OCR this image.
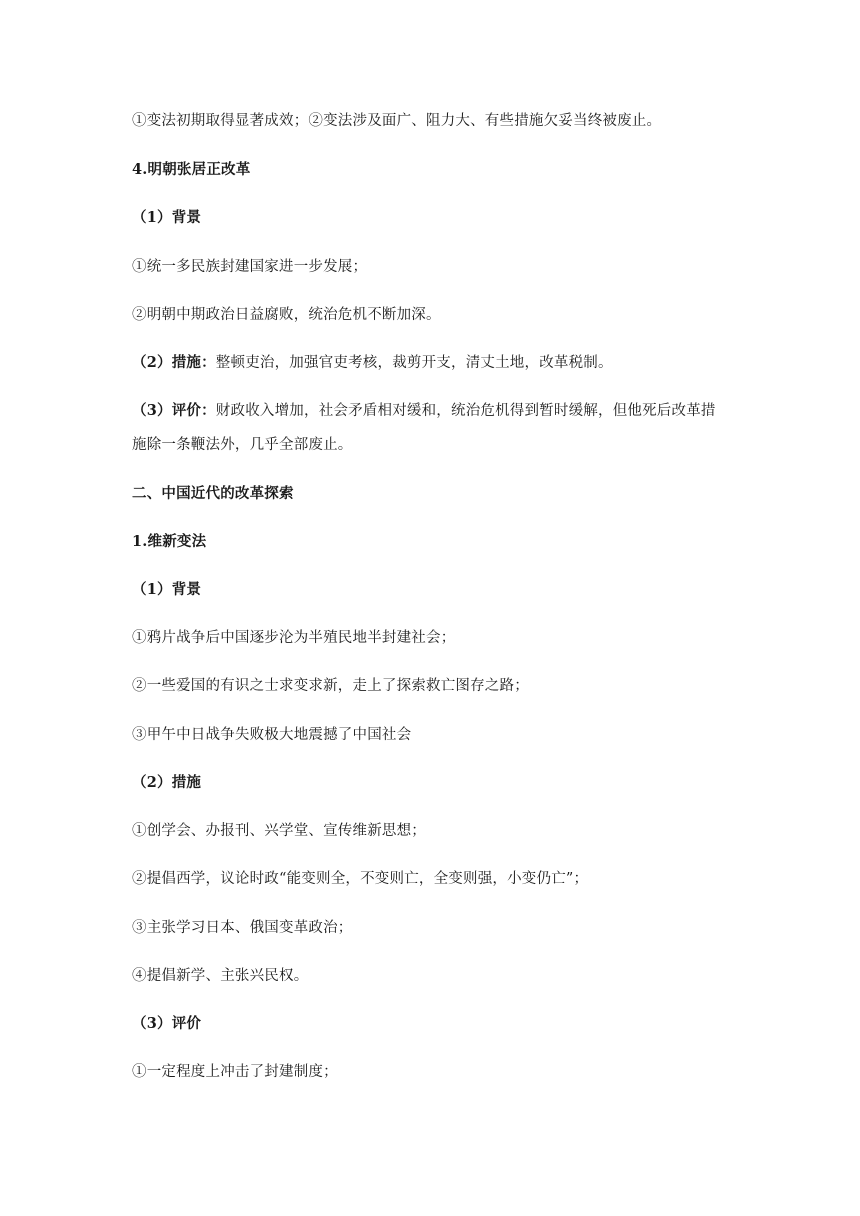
①变法初期取得显著成效；②变法涉及面广、阻力大、有些措施欠妥当终被废止。
4.明朝张居正改革
（1）背景
①统一多民族封建国家进一步发展；
②明朝中期政治日益腐败，统治危机不断加深。
（2）措施：整顿吏治，加强官吏考核，裁剪开支，清丈土地，改革税制。
（3）评价：财政收入增加，社会矛盾相对缓和，统治危机得到暂时缓解，但他死后改革措
施除一条鞭法外，几乎全部废止。
二、中国近代的改革探索
1.维新变法
（1）背景
①鸦片战争后中国逐步沦为半殖民地半封建社会；
②一些爱国的有识之士求变求新，走上了探索救亡图存之路；
③甲午中日战争失败极大地震撼了中国社会
（2）措施
①创学会、办报刊、兴学堂、宣传维新思想；
②提倡西学，议论时政“能变则全，不变则亡，全变则强，小变仍亡”；
③主张学习日本、俄国变革政治；
④提倡新学、主张兴民权。
（3）评价
①一定程度上冲击了封建制度；
